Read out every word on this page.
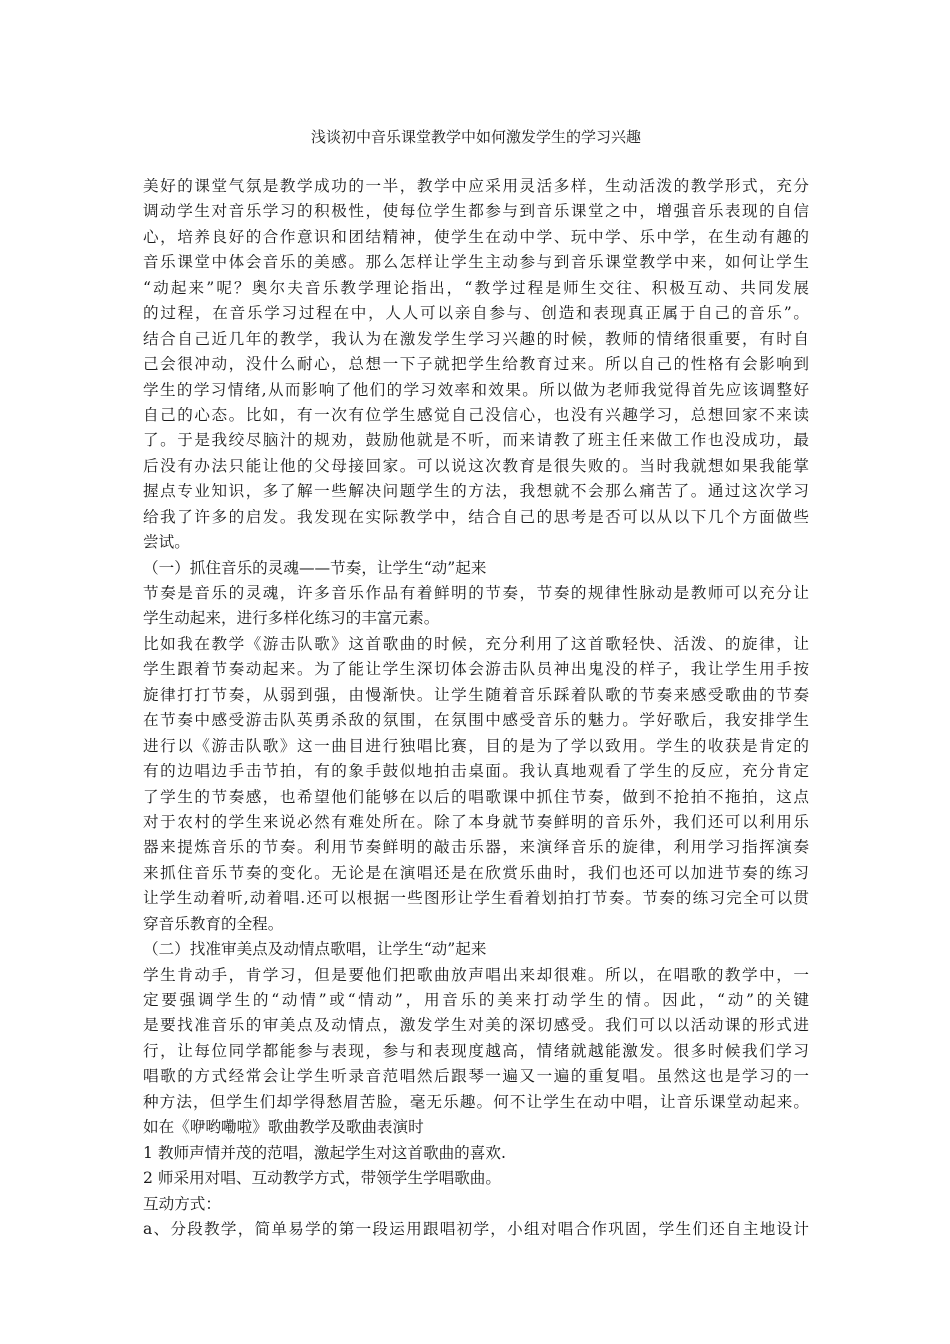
浅谈初中音乐课堂教学中如何激发学生的学习兴趣
美好的课堂气氛是教学成功的一半，教学中应采用灵活多样，生动活泼的教学形式，充分
调动学生对音乐学习的积极性，使每位学生都参与到音乐课堂之中，增强音乐表现的自信
心，培养良好的合作意识和团结精神，使学生在动中学、玩中学、乐中学，在生动有趣的
音乐课堂中体会音乐的美感。那么怎样让学生主动参与到音乐课堂教学中来，如何让学生
“动起来”呢？奥尔夫音乐教学理论指出，“教学过程是师生交往、积极互动、共同发展
的过程，在音乐学习过程在中，人人可以亲自参与、创造和表现真正属于自己的音乐”。
结合自己近几年的教学，我认为在激发学生学习兴趣的时候，教师的情绪很重要，有时自
己会很冲动，没什么耐心，总想一下子就把学生给教育过来。所以自己的性格有会影响到
学生的学习情绪,从而影响了他们的学习效率和效果。所以做为老师我觉得首先应该调整好
自己的心态。比如，有一次有位学生感觉自己没信心，也没有兴趣学习，总想回家不来读
了。于是我绞尽脑汁的规劝，鼓励他就是不听，而来请教了班主任来做工作也没成功，最
后没有办法只能让他的父母接回家。可以说这次教育是很失败的。当时我就想如果我能掌
握点专业知识，多了解一些解决问题学生的方法，我想就不会那么痛苦了。通过这次学习
给我了许多的启发。我发现在实际教学中，结合自己的思考是否可以从以下几个方面做些
尝试。
（一）抓住音乐的灵魂——节奏，让学生“动”起来
节奏是音乐的灵魂，许多音乐作品有着鲜明的节奏，节奏的规律性脉动是教师可以充分让
学生动起来，进行多样化练习的丰富元素。
比如我在教学《游击队歌》这首歌曲的时候，充分利用了这首歌轻快、活泼、的旋律，让
学生跟着节奏动起来。为了能让学生深切体会游击队员神出鬼没的样子，我让学生用手按
旋律打打节奏，从弱到强，由慢渐快。让学生随着音乐踩着队歌的节奏来感受歌曲的节奏
在节奏中感受游击队英勇杀敌的氛围，在氛围中感受音乐的魅力。学好歌后，我安排学生
进行以《游击队歌》这一曲目进行独唱比赛，目的是为了学以致用。学生的收获是肯定的
有的边唱边手击节拍，有的象手鼓似地拍击桌面。我认真地观看了学生的反应，充分肯定
了学生的节奏感，也希望他们能够在以后的唱歌课中抓住节奏，做到不抢拍不拖拍，这点
对于农村的学生来说必然有难处所在。除了本身就节奏鲜明的音乐外，我们还可以利用乐
器来提炼音乐的节奏。利用节奏鲜明的敲击乐器，来演绎音乐的旋律，利用学习指挥演奏
来抓住音乐节奏的变化。无论是在演唱还是在欣赏乐曲时，我们也还可以加进节奏的练习
让学生动着听,动着唱.还可以根据一些图形让学生看着划拍打节奏。节奏的练习完全可以贯
穿音乐教育的全程。
（二）找准审美点及动情点歌唱，让学生“动”起来
学生肯动手，肯学习，但是要他们把歌曲放声唱出来却很难。所以，在唱歌的教学中，一
定要强调学生的“动情”或“情动”，用音乐的美来打动学生的情。因此，“动”的关键
是要找准音乐的审美点及动情点，激发学生对美的深切感受。我们可以以活动课的形式进
行，让每位同学都能参与表现，参与和表现度越高，情绪就越能激发。很多时候我们学习
唱歌的方式经常会让学生听录音范唱然后跟琴一遍又一遍的重复唱。虽然这也是学习的一
种方法，但学生们却学得愁眉苦脸，毫无乐趣。何不让学生在动中唱，让音乐课堂动起来。
如在《咿哟嘞啦》歌曲教学及歌曲表演时
1 教师声情并茂的范唱，激起学生对这首歌曲的喜欢.
2 师采用对唱、互动教学方式，带领学生学唱歌曲。
互动方式：
a、分段教学，简单易学的第一段运用跟唱初学，小组对唱合作巩固，学生们还自主地设计
